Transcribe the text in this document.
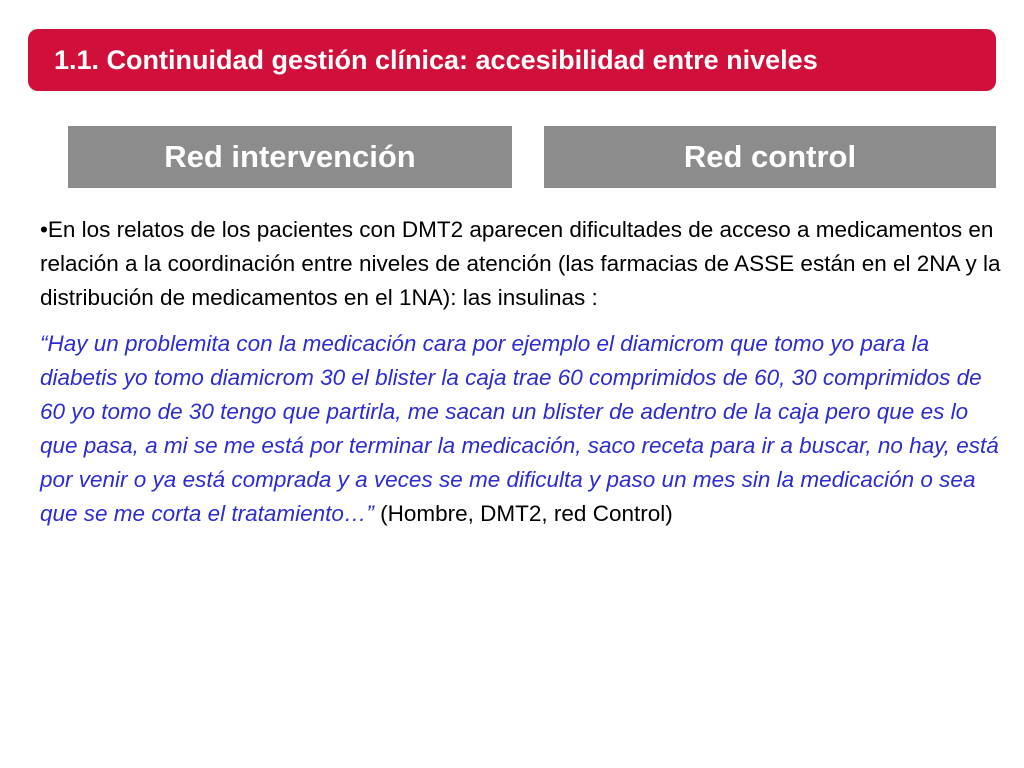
1.1. Continuidad gestión clínica: accesibilidad entre niveles
Red intervención	Red control

•En los relatos de los pacientes con DMT2 aparecen dificultades de acceso a medicamentos en relación a la coordinación entre niveles de atención (las farmacias de ASSE están en el 2NA y la distribución de medicamentos en el 1NA): las insulinas :

“Hay un problemita con la medicación cara por ejemplo el diamicrom que tomo yo para la diabetis yo tomo diamicrom 30 el blister la caja trae 60 comprimidos de 60, 30 comprimidos de 60 yo tomo de 30 tengo que partirla, me sacan un blister de adentro de la caja pero que es lo que pasa, a mi se me está por terminar la medicación, saco receta para ir a buscar, no hay, está por venir o ya está comprada y a veces se me dificulta y paso un mes sin la medicación o sea que se me corta el tratamiento…” (Hombre, DMT2, red Control)
